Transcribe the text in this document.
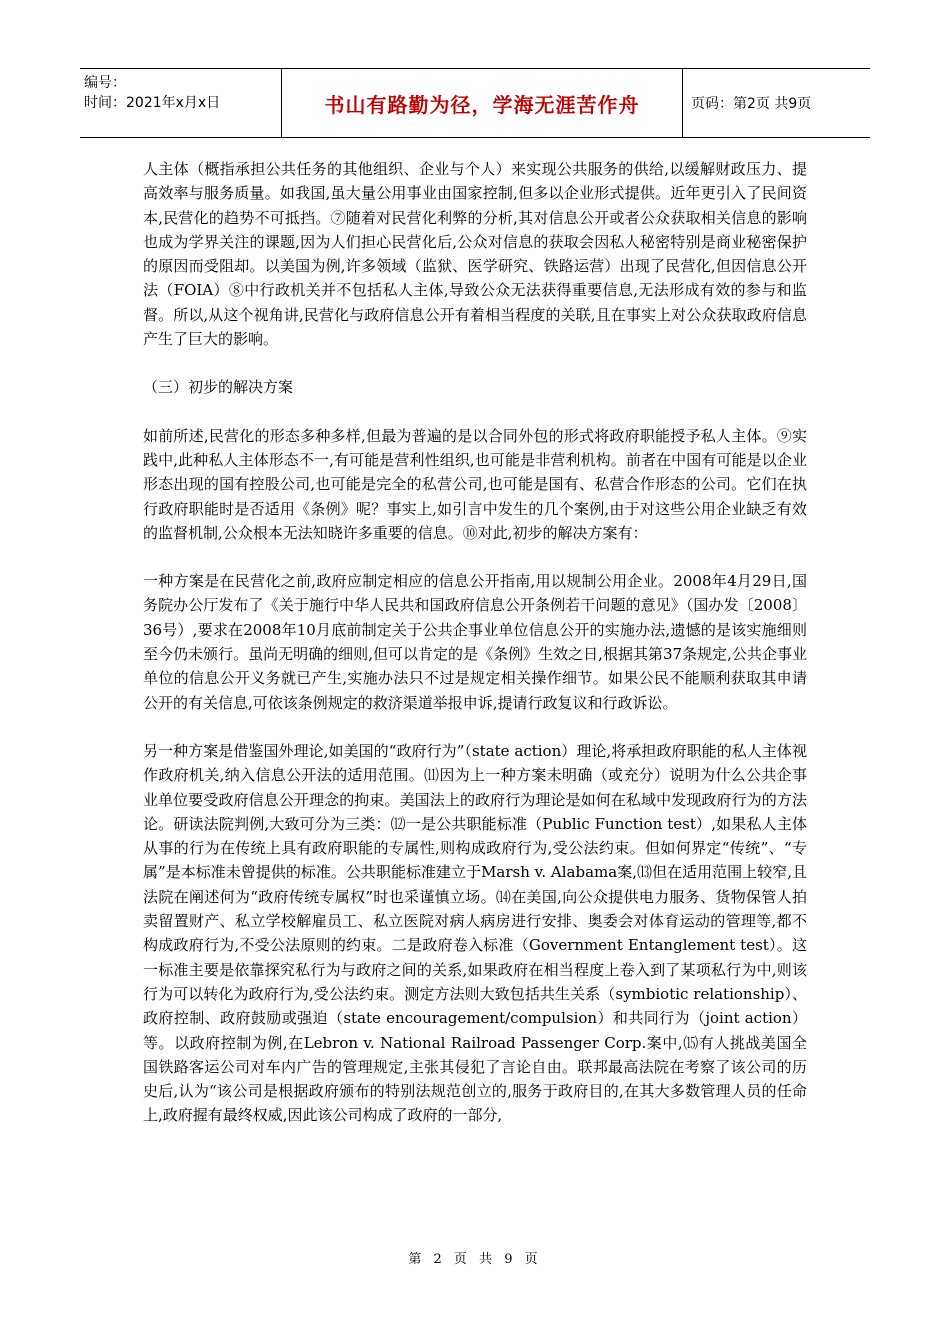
编号：
时间：2021年x月x日	书山有路勤为径，学海无涯苦作舟	页码：第2页 共9页

人主体（概指承担公共任务的其他组织、企业与个人）来实现公共服务的供给,以缓解财政压力、提高效率与服务质量。如我国,虽大量公用事业由国家控制,但多以企业形式提供。近年更引入了民间资本,民营化的趋势不可抵挡。⑦随着对民营化利弊的分析,其对信息公开或者公众获取相关信息的影响也成为学界关注的课题,因为人们担心民营化后,公众对信息的获取会因私人秘密特别是商业秘密保护的原因而受阻却。以美国为例,许多领域（监狱、医学研究、铁路运营）出现了民营化,但因信息公开法（FOIA）⑧中行政机关并不包括私人主体,导致公众无法获得重要信息,无法形成有效的参与和监督。所以,从这个视角讲,民营化与政府信息公开有着相当程度的关联,且在事实上对公众获取政府信息产生了巨大的影响。

（三）初步的解决方案

如前所述,民营化的形态多种多样,但最为普遍的是以合同外包的形式将政府职能授予私人主体。⑨实践中,此种私人主体形态不一,有可能是营利性组织,也可能是非营利机构。前者在中国有可能是以企业形态出现的国有控股公司,也可能是完全的私营公司,也可能是国有、私营合作形态的公司。它们在执行政府职能时是否适用《条例》呢？事实上,如引言中发生的几个案例,由于对这些公用企业缺乏有效的监督机制,公众根本无法知晓许多重要的信息。⑩对此,初步的解决方案有：

一种方案是在民营化之前,政府应制定相应的信息公开指南,用以规制公用企业。2008年4月29日,国务院办公厅发布了《关于施行中华人民共和国政府信息公开条例若干问题的意见》（国办发〔2008〕36号）,要求在2008年10月底前制定关于公共企事业单位信息公开的实施办法,遗憾的是该实施细则至今仍未颁行。虽尚无明确的细则,但可以肯定的是《条例》生效之日,根据其第37条规定,公共企事业单位的信息公开义务就已产生,实施办法只不过是规定相关操作细节。如果公民不能顺利获取其申请公开的有关信息,可依该条例规定的救济渠道举报申诉,提请行政复议和行政诉讼。

另一种方案是借鉴国外理论,如美国的“政府行为”（state action）理论,将承担政府职能的私人主体视作政府机关,纳入信息公开法的适用范围。⑾因为上一种方案未明确（或充分）说明为什么公共企事业单位要受政府信息公开理念的拘束。美国法上的政府行为理论是如何在私域中发现政府行为的方法论。研读法院判例,大致可分为三类：⑿一是公共职能标准（Public Function test）,如果私人主体从事的行为在传统上具有政府职能的专属性,则构成政府行为,受公法约束。但如何界定“传统”、“专属”是本标准未曾提供的标准。公共职能标准建立于Marsh v. Alabama案,⒀但在适用范围上较窄,且法院在阐述何为“政府传统专属权”时也采谨慎立场。⒁在美国,向公众提供电力服务、货物保管人拍卖留置财产、私立学校解雇员工、私立医院对病人病房进行安排、奥委会对体育运动的管理等,都不构成政府行为,不受公法原则的约束。二是政府卷入标准（Government Entanglement test）。这一标准主要是依靠探究私行为与政府之间的关系,如果政府在相当程度上卷入到了某项私行为中,则该行为可以转化为政府行为,受公法约束。测定方法则大致包括共生关系（symbiotic relationship）、政府控制、政府鼓励或强迫（state encouragement/compulsion）和共同行为（joint action）等。以政府控制为例,在Lebron v. National Railroad Passenger Corp.案中,⒂有人挑战美国全国铁路客运公司对车内广告的管理规定,主张其侵犯了言论自由。联邦最高法院在考察了该公司的历史后,认为“该公司是根据政府颁布的特别法规范创立的,服务于政府目的,在其大多数管理人员的任命上,政府握有最终权威,因此该公司构成了政府的一部分,

第 2 页 共 9 页
